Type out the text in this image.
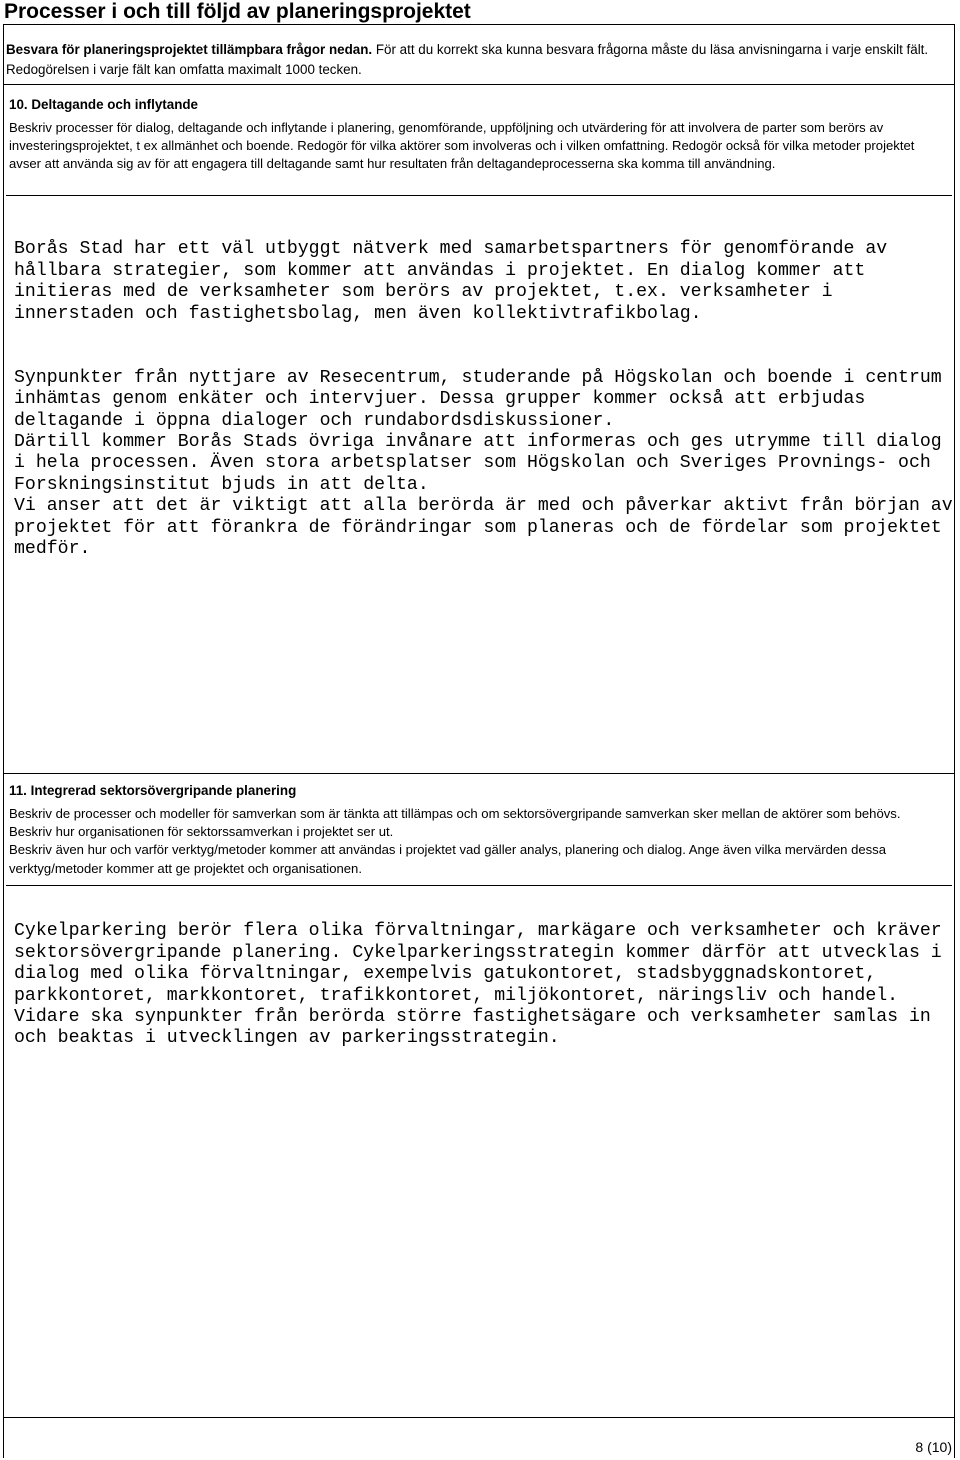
Processer i och till följd av planeringsprojektet
Besvara för planeringsprojektet tillämpbara frågor nedan. För att du korrekt ska kunna besvara frågorna måste du läsa anvisningarna i varje enskilt fält. Redogörelsen i varje fält kan omfatta maximalt 1000 tecken.
10. Deltagande och inflytande

Beskriv processer för dialog, deltagande och inflytande i planering, genomförande, uppföljning och utvärdering för att involvera de parter som berörs av investeringsprojektet, t ex allmänhet och boende. Redogör för vilka aktörer som involveras och i vilken omfattning. Redogör också för vilka metoder projektet avser att använda sig av för att engagera till deltagande samt hur resultaten från deltagandeprocesserna ska komma till användning.

Borås Stad har ett väl utbyggt nätverk med samarbetspartners för genomförande av hållbara strategier, som kommer att användas i projektet. En dialog kommer att initieras med de verksamheter som berörs av projektet, t.ex. verksamheter i innerstaden och fastighetsbolag, men även kollektivtrafikbolag.

Synpunkter från nyttjare av Resecentrum, studerande på Högskolan och boende i centrum inhämtas genom enkäter och intervjuer. Dessa grupper kommer också att erbjudas deltagande i öppna dialoger och rundabordsdiskussioner.
Därtill kommer Borås Stads övriga invånare att informeras och ges utrymme till dialog i hela processen. Även stora arbetsplatser som Högskolan och Sveriges Provnings- och Forskningsinstitut bjuds in att delta.
Vi anser att det är viktigt att alla berörda är med och påverkar aktivt från början av projektet för att förankra de förändringar som planeras och de fördelar som projektet medför.

11. Integrerad sektorsövergripande planering

Beskriv de processer och modeller för samverkan som är tänkta att tillämpas och om sektorsövergripande samverkan sker mellan de aktörer som behövs. Beskriv hur organisationen för sektorssamverkan i projektet ser ut.

Beskriv även hur och varför verktyg/metoder kommer att användas i projektet vad gäller analys, planering och dialog. Ange även vilka mervärden dessa verktyg/metoder kommer att ge projektet och organisationen.

Cykelparkering berör flera olika förvaltningar, markägare och verksamheter och kräver sektorsövergripande planering. Cykelparkeringsstrategin kommer därför att utvecklas i dialog med olika förvaltningar, exempelvis gatukontoret, stadsbyggnadskontoret, parkkontoret, markkontoret, trafikkontoret, miljökontoret, näringsliv och handel. Vidare ska synpunkter från berörda större fastighetsägare och verksamheter samlas in och beaktas i utvecklingen av parkeringsstrategin.

8 (10)
